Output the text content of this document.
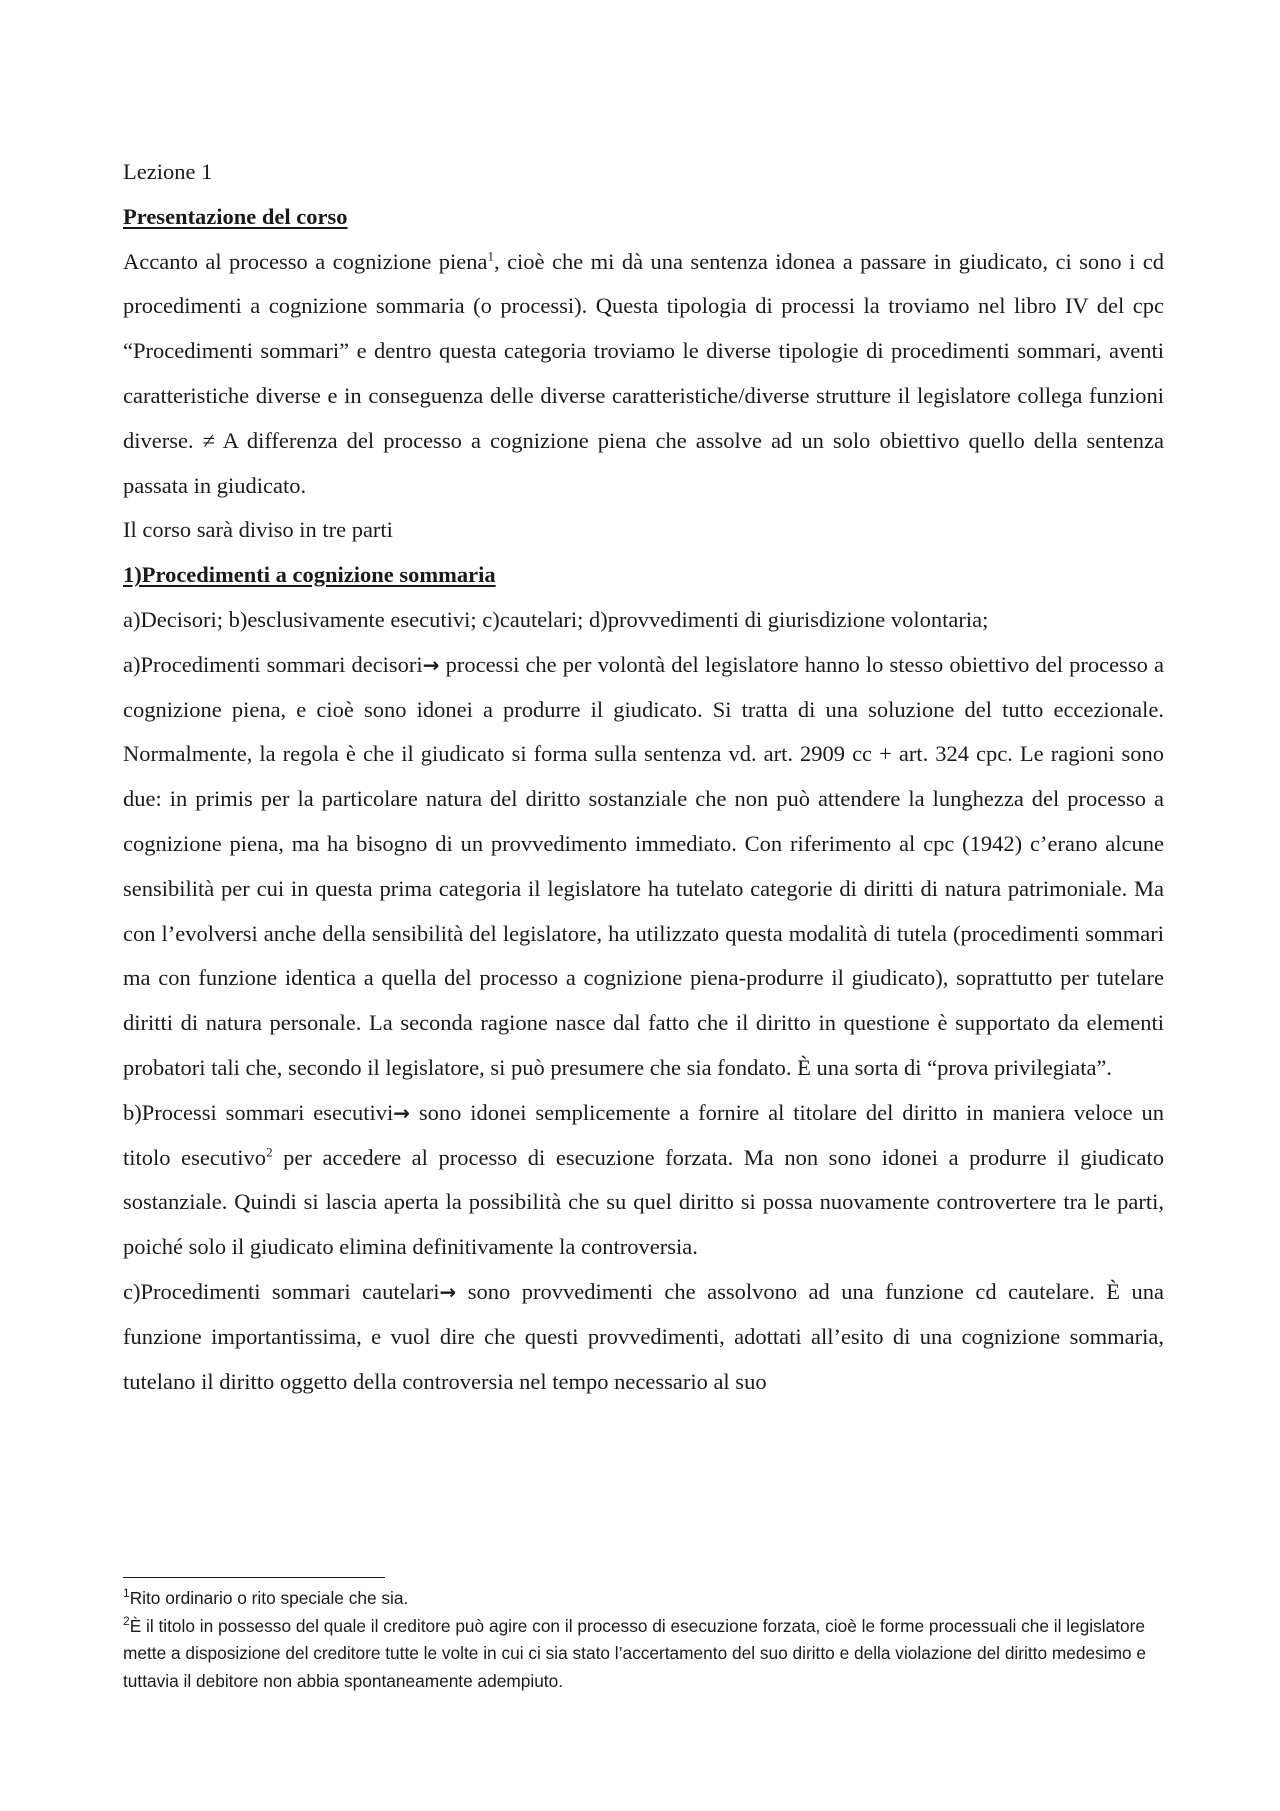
Lezione 1

Presentazione del corso

Accanto al processo a cognizione piena$^1$, cioè che mi dà una sentenza idonea a passare in giudicato, ci sono i cd procedimenti a cognizione sommaria (o processi). Questa tipologia di processi la troviamo nel libro IV del cpc “Procedimenti sommari” e dentro questa categoria troviamo le diverse tipologie di procedimenti sommari, aventi caratteristiche diverse e in conseguenza delle diverse caratteristiche/diverse strutture il legislatore collega funzioni diverse. ≠ A differenza del processo a cognizione piena che assolve ad un solo obiettivo quello della sentenza passata in giudicato.

Il corso sarà diviso in tre parti

1)Procedimenti a cognizione sommaria

a)Decisori; b)esclusivamente esecutivi; c)cautelari; d)provvedimenti di giurisdizione volontaria;

a)Procedimenti sommari decisori→ processi che per volontà del legislatore hanno lo stesso obiettivo del processo a cognizione piena, e cioè sono idonei a produrre il giudicato. Si tratta di una soluzione del tutto eccezionale. Normalmente, la regola è che il giudicato si forma sulla sentenza vd. art. 2909 cc + art. 324 cpc. Le ragioni sono due: in primis per la particolare natura del diritto sostanziale che non può attendere la lunghezza del processo a cognizione piena, ma ha bisogno di un provvedimento immediato. Con riferimento al cpc (1942) c’erano alcune sensibilità per cui in questa prima categoria il legislatore ha tutelato categorie di diritti di natura patrimoniale. Ma con l’evolversi anche della sensibilità del legislatore, ha utilizzato questa modalità di tutela (procedimenti sommari ma con funzione identica a quella del processo a cognizione piena-produrre il giudicato), soprattutto per tutelare diritti di natura personale. La seconda ragione nasce dal fatto che il diritto in questione è supportato da elementi probatori tali che, secondo il legislatore, si può presumere che sia fondato. È una sorta di “prova privilegiata”.

b)Processi sommari esecutivi→ sono idonei semplicemente a fornire al titolare del diritto in maniera veloce un titolo esecutivo$^2$ per accedere al processo di esecuzione forzata. Ma non sono idonei a produrre il giudicato sostanziale. Quindi si lascia aperta la possibilità che su quel diritto si possa nuovamente controvertere tra le parti, poiché solo il giudicato elimina definitivamente la controversia.

c)Procedimenti sommari cautelari→ sono provvedimenti che assolvono ad una funzione cd cautelare. È una funzione importantissima, e vuol dire che questi provvedimenti, adottati all’esito di una cognizione sommaria, tutelano il diritto oggetto della controversia nel tempo necessario al suo

$^1$Rito ordinario o rito speciale che sia.

$^2$È il titolo in possesso del quale il creditore può agire con il processo di esecuzione forzata, cioè le forme processuali che il legislatore mette a disposizione del creditore tutte le volte in cui ci sia stato l’accertamento del suo diritto e della violazione del diritto medesimo e tuttavia il debitore non abbia spontaneamente adempiuto.
